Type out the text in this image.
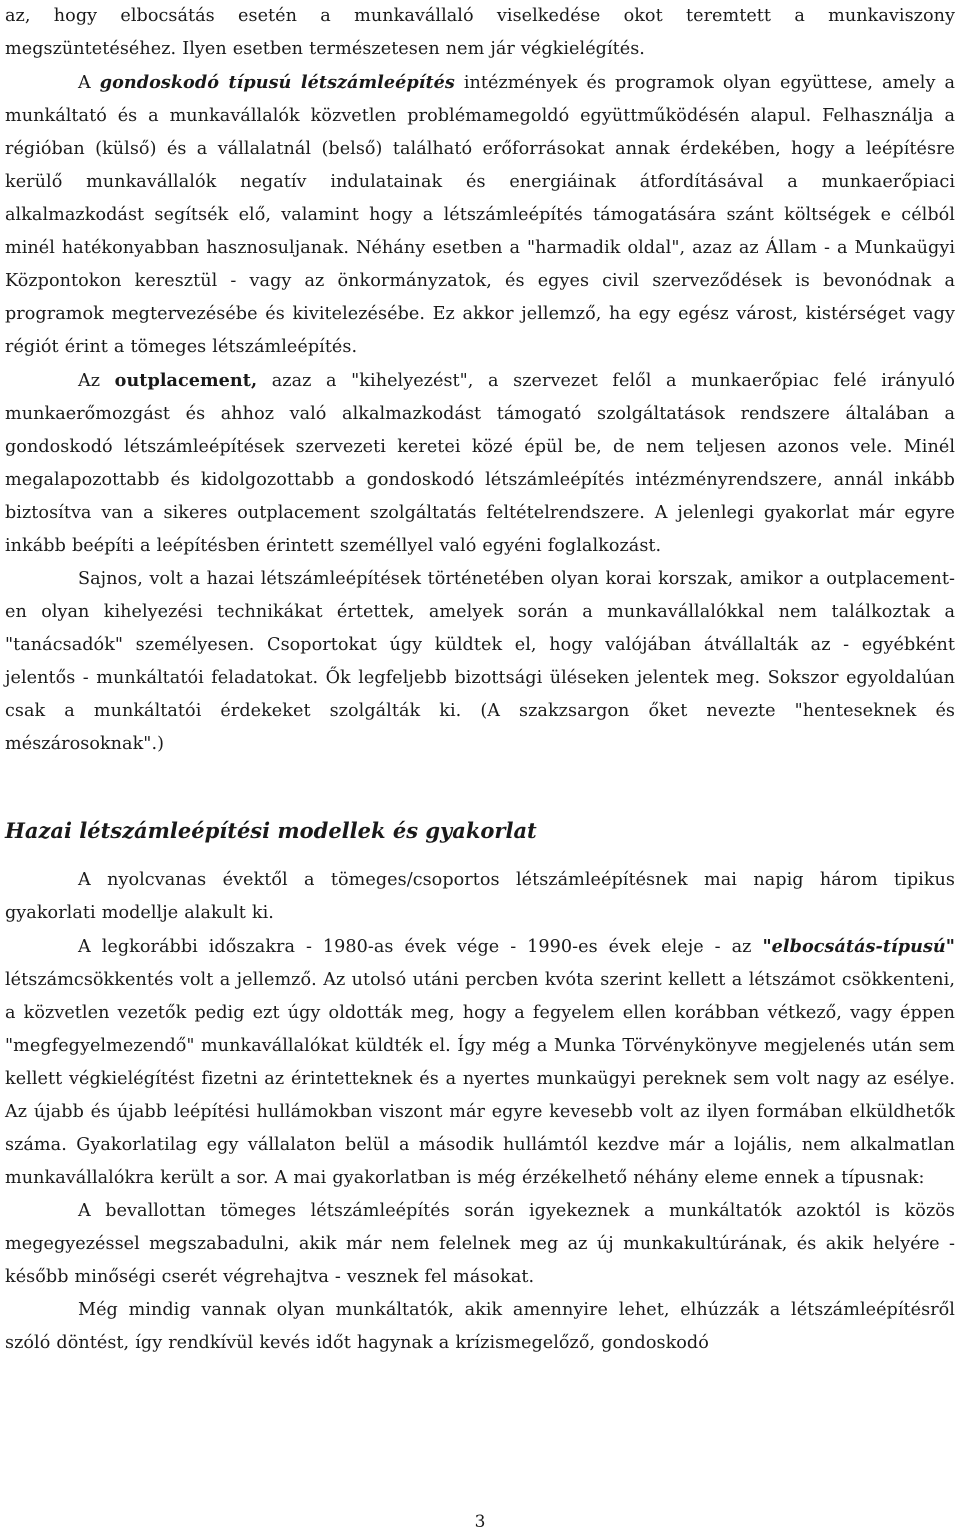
az, hogy elbocsátás esetén a munkavállaló viselkedése okot teremtett a munkaviszony megszüntetéséhez. Ilyen esetben természetesen nem jár végkielégítés.

A gondoskodó típusú létszámleépítés intézmények és programok olyan együttese, amely a munkáltató és a munkavállalók közvetlen problémamegoldó együttműködésén alapul. Felhasználja a régióban (külső) és a vállalatnál (belső) található erőforrásokat annak érdekében, hogy a leépítésre kerülő munkavállalók negatív indulatainak és energiáinak átfordításával a munkaerőpiaci alkalmazkodást segítsék elő, valamint hogy a létszámleépítés támogatására szánt költségek e célból minél hatékonyabban hasznosuljanak. Néhány esetben a "harmadik oldal", azaz az Állam - a Munkaügyi Központokon keresztül - vagy az önkormányzatok, és egyes civil szerveződések is bevonódnak a programok megtervezésébe és kivitelezésébe. Ez akkor jellemző, ha egy egész várost, kistérséget vagy régiót érint a tömeges létszámleépítés.

Az outplacement, azaz a "kihelyezést", a szervezet felől a munkaerőpiac felé irányuló munkaerőmozgást és ahhoz való alkalmazkodást támogató szolgáltatások rendszere általában a gondoskodó létszámleépítések szervezeti keretei közé épül be, de nem teljesen azonos vele. Minél megalapozottabb és kidolgozottabb a gondoskodó létszámleépítés intézményrendszere, annál inkább biztosítva van a sikeres outplacement szolgáltatás feltételrendszere. A jelenlegi gyakorlat már egyre inkább beépíti a leépítésben érintett személlyel való egyéni foglalkozást.

Sajnos, volt a hazai létszámleépítések történetében olyan korai korszak, amikor a outplacement-en olyan kihelyezési technikákat értettek, amelyek során a munkavállalókkal nem találkoztak a "tanácsadók" személyesen. Csoportokat úgy küldtek el, hogy valójában átvállalták az - egyébként jelentős - munkáltatói feladatokat. Ők legfeljebb bizottsági üléseken jelentek meg. Sokszor egyoldalúan csak a munkáltatói érdekeket szolgálták ki. (A szakzsargon őket nevezte "henteseknek és mészárosoknak".)

Hazai létszámleépítési modellek és gyakorlat

A nyolcvanas évektől a tömeges/csoportos létszámleépítésnek mai napig három tipikus gyakorlati modellje alakult ki.

A legkorábbi időszakra - 1980-as évek vége - 1990-es évek eleje - az "elbocsátás-típusú" létszámcsökkentés volt a jellemző. Az utolsó utáni percben kvóta szerint kellett a létszámot csökkenteni, a közvetlen vezetők pedig ezt úgy oldották meg, hogy a fegyelem ellen korábban vétkező, vagy éppen "megfegyelmezendő" munkavállalókat küldték el. Így még a Munka Törvénykönyve megjelenés után sem kellett végkielégítést fizetni az érintetteknek és a nyertes munkaügyi pereknek sem volt nagy az esélye. Az újabb és újabb leépítési hullámokban viszont már egyre kevesebb volt az ilyen formában elküldhetők száma. Gyakorlatilag egy vállalaton belül a második hullámtól kezdve már a lojális, nem alkalmatlan munkavállalókra került a sor. A mai gyakorlatban is még érzékelhető néhány eleme ennek a típusnak:

A bevallottan tömeges létszámleépítés során igyekeznek a munkáltatók azoktól is közös megegyezéssel megszabadulni, akik már nem felelnek meg az új munkakultúrának, és akik helyére - később minőségi cserét végrehajtva - vesznek fel másokat.

Még mindig vannak olyan munkáltatók, akik amennyire lehet, elhúzzák a létszámleépítésről szóló döntést, így rendkívül kevés időt hagynak a krízismegelőző, gondoskodó

3
